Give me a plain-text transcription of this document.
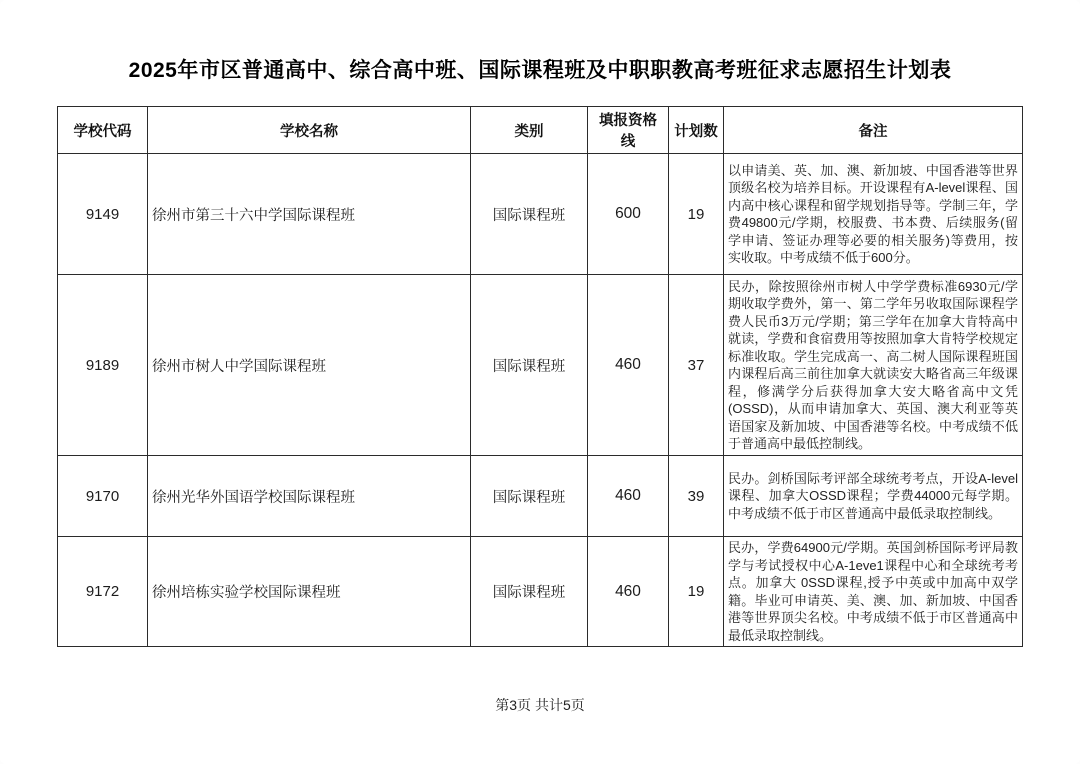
2025年市区普通高中、综合高中班、国际课程班及中职职教高考班征求志愿招生计划表
学校代码	学校名称	类别	填报资格线	计划数	备注
9149	徐州市第三十六中学国际课程班	国际课程班	600	19	以申请美、英、加、澳、新加坡、中国香港等世界顶级名校为培养目标。开设课程有A-level课程、国内高中核心课程和留学规划指导等。学制三年，学费49800元/学期，校服费、书本费、后续服务(留学申请、签证办理等必要的相关服务)等费用，按实收取。中考成绩不低于600分。
9189	徐州市树人中学国际课程班	国际课程班	460	37	民办，除按照徐州市树人中学学费标准6930元/学期收取学费外，第一、第二学年另收取国际课程学费人民币3万元/学期；第三学年在加拿大肯特高中就读，学费和食宿费用等按照加拿大肯特学校规定标准收取。学生完成高一、高二树人国际课程班国内课程后高三前往加拿大就读安大略省高三年级课程，修满学分后获得加拿大安大略省高中文凭(OSSD)，从而申请加拿大、英国、澳大利亚等英语国家及新加坡、中国香港等名校。中考成绩不低于普通高中最低控制线。
9170	徐州光华外国语学校国际课程班	国际课程班	460	39	民办。剑桥国际考评部全球统考考点，开设A-level课程、加拿大OSSD课程；学费44000元每学期。中考成绩不低于市区普通高中最低录取控制线。
9172	徐州培栋实验学校国际课程班	国际课程班	460	19	民办，学费64900元/学期。英国剑桥国际考评局教学与考试授权中心A-1eve1课程中心和全球统考考点。加拿大 0SSD课程,授予中英或中加高中双学籍。毕业可申请英、美、澳、加、新加坡、中国香港等世界顶尖名校。中考成绩不低于市区普通高中最低录取控制线。
第3页 共计5页
